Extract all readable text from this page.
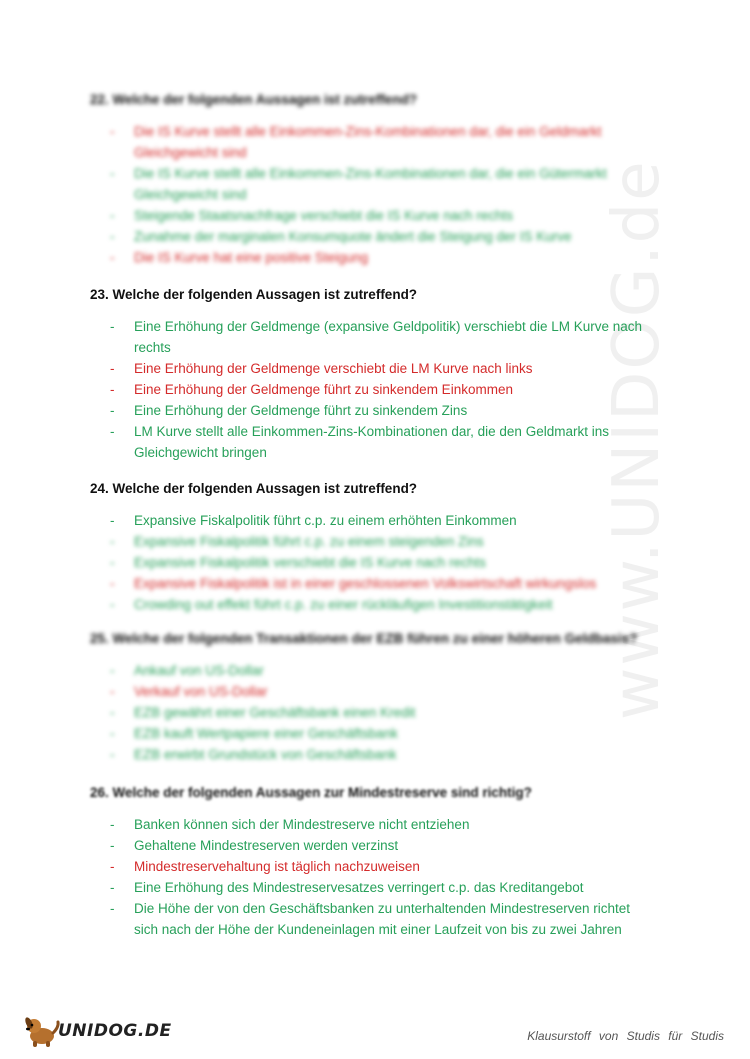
www.UNIDOG.de
22. Welche der folgenden Aussagen ist zutreffend?
- Die IS Kurve stellt alle Einkommen-Zins-Kombinationen dar, die ein Geldmarkt
Gleichgewicht sind
- Die IS Kurve stellt alle Einkommen-Zins-Kombinationen dar, die ein Gütermarkt
Gleichgewicht sind
- Steigende Staatsnachfrage verschiebt die IS Kurve nach rechts
- Zunahme der marginalen Konsumquote ändert die Steigung der IS Kurve
- Die IS Kurve hat eine positive Steigung
23. Welche der folgenden Aussagen ist zutreffend?
- Eine Erhöhung der Geldmenge (expansive Geldpolitik) verschiebt die LM Kurve nach
rechts
- Eine Erhöhung der Geldmenge verschiebt die LM Kurve nach links
- Eine Erhöhung der Geldmenge führt zu sinkendem Einkommen
- Eine Erhöhung der Geldmenge führt zu sinkendem Zins
- LM Kurve stellt alle Einkommen-Zins-Kombinationen dar, die den Geldmarkt ins
Gleichgewicht bringen
24. Welche der folgenden Aussagen ist zutreffend?
- Expansive Fiskalpolitik führt c.p. zu einem erhöhten Einkommen
- Expansive Fiskalpolitik führt c.p. zu einem steigenden Zins
- Expansive Fiskalpolitik verschiebt die IS Kurve nach rechts
- Expansive Fiskalpolitik ist in einer geschlossenen Volkswirtschaft wirkungslos
- Crowding out effekt führt c.p. zu einer rückläufigen Investitionstätigkeit
25. Welche der folgenden Transaktionen der EZB führen zu einer höheren Geldbasis?
- Ankauf von US-Dollar
- Verkauf von US-Dollar
- EZB gewährt einer Geschäftsbank einen Kredit
- EZB kauft Wertpapiere einer Geschäftsbank
- EZB erwirbt Grundstück von Geschäftsbank
26. Welche der folgenden Aussagen zur Mindestreserve sind richtig?
- Banken können sich der Mindestreserve nicht entziehen
- Gehaltene Mindestreserven werden verzinst
- Mindestreservehaltung ist täglich nachzuweisen
- Eine Erhöhung des Mindestreservesatzes verringert c.p. das Kreditangebot
- Die Höhe der von den Geschäftsbanken zu unterhaltenden Mindestreserven richtet
sich nach der Höhe der Kundeneinlagen mit einer Laufzeit von bis zu zwei Jahren
UNIDOG.DE	Klausurstoff von Studis für Studis
